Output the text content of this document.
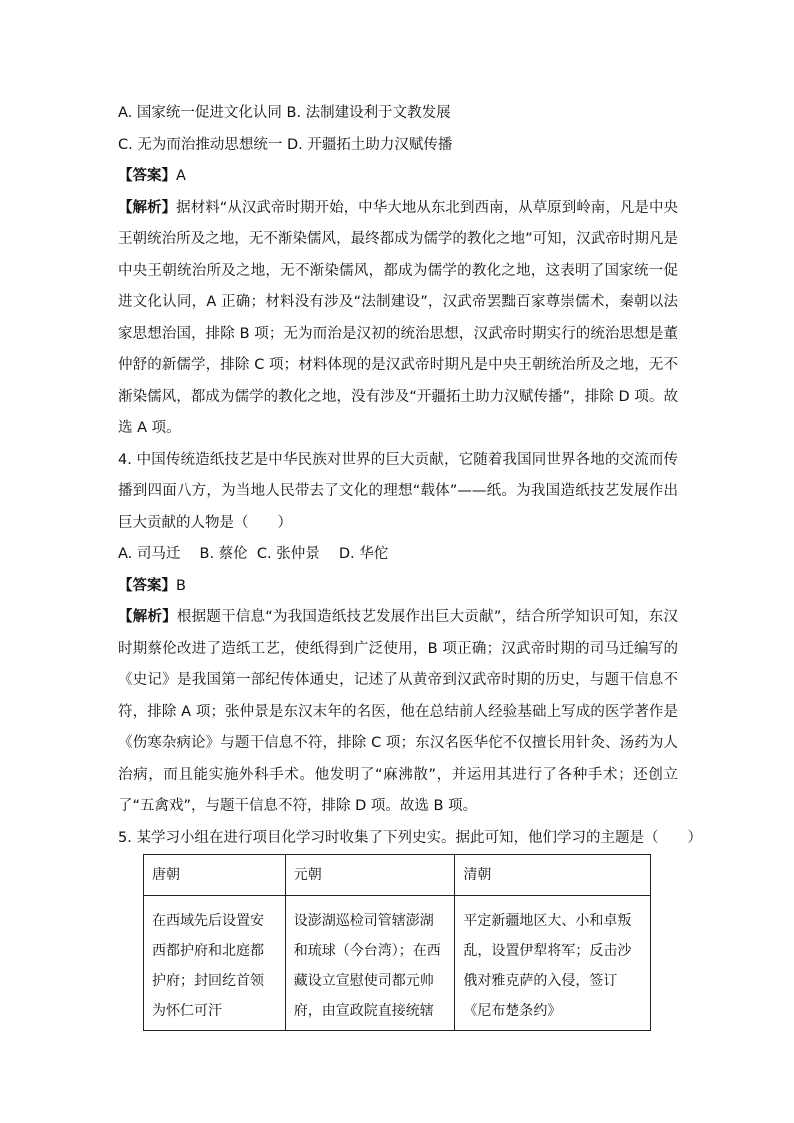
A. 国家统一促进文化认同 B. 法制建设利于文教发展
C. 无为而治推动思想统一 D. 开疆拓土助力汉赋传播
【答案】A
【解析】据材料“从汉武帝时期开始，中华大地从东北到西南，从草原到岭南，凡是中央王朝统治所及之地，无不渐染儒风，最终都成为儒学的教化之地”可知，汉武帝时期凡是中央王朝统治所及之地，无不渐染儒风，都成为儒学的教化之地，这表明了国家统一促进文化认同，A 正确；材料没有涉及“法制建设”，汉武帝罢黜百家尊崇儒术，秦朝以法家思想治国，排除 B 项；无为而治是汉初的统治思想，汉武帝时期实行的统治思想是董仲舒的新儒学，排除 C 项；材料体现的是汉武帝时期凡是中央王朝统治所及之地，无不渐染儒风，都成为儒学的教化之地，没有涉及“开疆拓土助力汉赋传播”，排除 D 项。故选 A 项。
4. 中国传统造纸技艺是中华民族对世界的巨大贡献，它随着我国同世界各地的交流而传播到四面八方，为当地人民带去了文化的理想“载体”——纸。为我国造纸技艺发展作出巨大贡献的人物是（　　）
A. 司马迁　 B. 蔡伦  C. 张仲景　 D. 华佗
【答案】B
【解析】根据题干信息“为我国造纸技艺发展作出巨大贡献”，结合所学知识可知，东汉时期蔡伦改进了造纸工艺，使纸得到广泛使用，B 项正确；汉武帝时期的司马迁编写的《史记》是我国第一部纪传体通史，记述了从黄帝到汉武帝时期的历史，与题干信息不符，排除 A 项；张仲景是东汉末年的名医，他在总结前人经验基础上写成的医学著作是《伤寒杂病论》与题干信息不符，排除 C 项；东汉名医华佗不仅擅长用针灸、汤药为人治病，而且能实施外科手术。他发明了“麻沸散”，并运用其进行了各种手术；还创立了“五禽戏”，与题干信息不符，排除 D 项。故选 B 项。
5. 某学习小组在进行项目化学习时收集了下列史实。据此可知，他们学习的主题是（　　）
唐朝	元朝	清朝
在西域先后设置安西都护府和北庭都护府；封回纥首领为怀仁可汗	设澎湖巡检司管辖澎湖和琉球（今台湾）；在西藏设立宣慰使司都元帅府，由宣政院直接统辖	平定新疆地区大、小和卓叛乱，设置伊犁将军；反击沙俄对雅克萨的入侵，签订《尼布楚条约》
